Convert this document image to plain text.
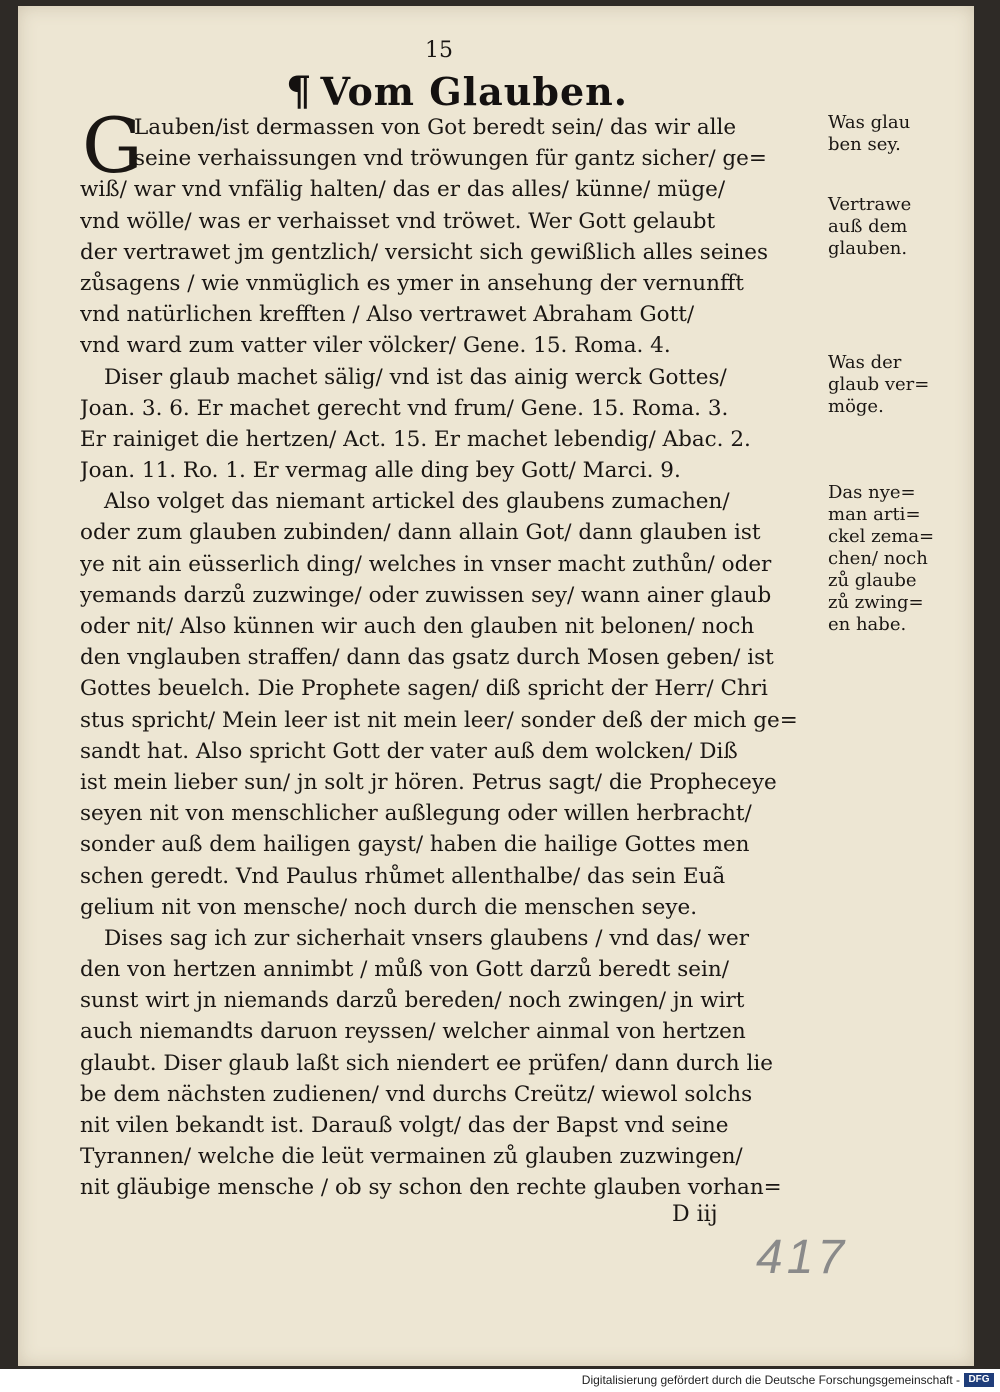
15
¶ Vom Glauben.
G
Lauben/ist dermassen von Got beredt sein/ das wir alle
seine verhaissungen vnd tröwungen für gantz sicher/ ge=
wiß/ war vnd vnfälig halten/ das er das alles/ künne/ müge/
vnd wölle/ was er verhaisset vnd tröwet. Wer Gott gelaubt
der vertrawet jm gentzlich/ versicht sich gewißlich alles seines
zůsagens / wie vnmüglich es ymer in ansehung der vernunfft
vnd natürlichen krefften / Also vertrawet Abraham Gott/
vnd ward zum vatter viler völcker/ Gene. 15. Roma. 4.
Diser glaub machet sälig/ vnd ist das ainig werck Gottes/
Joan. 3. 6. Er machet gerecht vnd frum/ Gene. 15. Roma. 3.
Er rainiget die hertzen/ Act. 15. Er machet lebendig/ Abac. 2.
Joan. 11. Ro. 1. Er vermag alle ding bey Gott/ Marci. 9.
Also volget das niemant artickel des glaubens zumachen/
oder zum glauben zubinden/ dann allain Got/ dann glauben ist
ye nit ain eüsserlich ding/ welches in vnser macht zuthůn/ oder
yemands darzů zuzwinge/ oder zuwissen sey/ wann ainer glaub
oder nit/ Also künnen wir auch den glauben nit belonen/ noch
den vnglauben straffen/ dann das gsatz durch Mosen geben/ ist
Gottes beuelch. Die Prophete sagen/ diß spricht der Herr/ Chri
stus spricht/ Mein leer ist nit mein leer/ sonder deß der mich ge=
sandt hat. Also spricht Gott der vater auß dem wolcken/ Diß
ist mein lieber sun/ jn solt jr hören. Petrus sagt/ die Propheceye
seyen nit von menschlicher außlegung oder willen herbracht/
sonder auß dem hailigen gayst/ haben die hailige Gottes men
schen geredt. Vnd Paulus rhůmet allenthalbe/ das sein Euã
gelium nit von mensche/ noch durch die menschen seye.
Dises sag ich zur sicherhait vnsers glaubens / vnd das/ wer
den von hertzen annimbt / můß von Gott darzů beredt sein/
sunst wirt jn niemands darzů bereden/ noch zwingen/ jn wirt
auch niemandts daruon reyssen/ welcher ainmal von hertzen
glaubt. Diser glaub laßt sich niendert ee prüfen/ dann durch lie
be dem nächsten zudienen/ vnd durchs Creütz/ wiewol solchs
nit vilen bekandt ist. Darauß volgt/ das der Bapst vnd seine
Tyrannen/ welche die leüt vermainen zů glauben zuzwingen/
nit gläubige mensche / ob sy schon den rechte glauben vorhan=
Was glau
ben sey.
Vertrawe
auß dem
glauben.
Was der
glaub ver=
möge.
Das nye=
man arti=
ckel zema=
chen/ noch
zů glaube
zů zwing=
en habe.
D iij
417
Digitalisierung gefördert durch die Deutsche Forschungsgemeinschaft - DFG
